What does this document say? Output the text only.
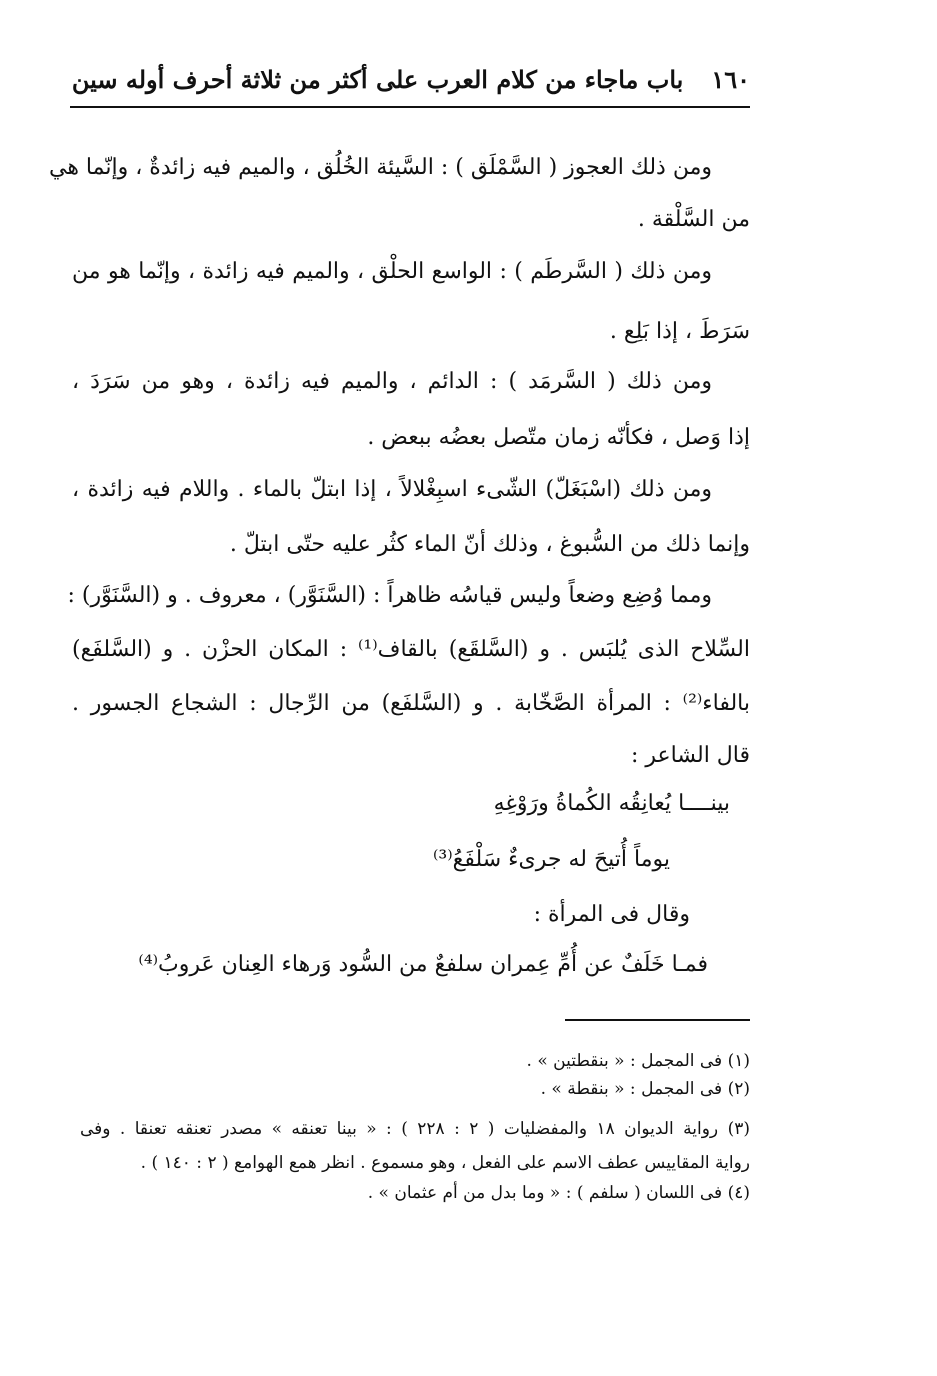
١٦٠
باب ماجاء من كلام العرب على أكثر من ثلاثة أحرف أوله سين
ومن ذلك العجوز ( السَّمْلَق ) : السَّيئة الخُلُق ، والميم فيه زائدةٌ ، وإنّما هي
من السَّلْقة .
ومن ذلك ( السَّرطَم ) : الواسع الحلْق ، والميم فيه زائدة ، وإنّما هو من
سَرَطَ ، إذا بَلِع .
ومن ذلك ( السَّرمَد ) : الدائم ، والميم فيه زائدة ، وهو من سَرَدَ ،
إذا وَصل ، فكأنّه زمان متّصل بعضُه ببعض .
ومن ذلك (اسْبَغَلّ) الشّىء اسبِغْلالاً ، إذا ابتلّ بالماء . واللام فيه زائدة ،
وإنما ذلك من السُّبوغ ، وذلك أنّ الماء كثُر عليه حتّى ابتلّ .
ومما وُضِع وضعاً وليس قياسُه ظاهراً : (السَّنَوَّر) ، معروف . و (السَّنَوَّر) :
السِّلاح الذى يُلبَس . و (السَّلقَع) بالقاف⁽¹⁾ : المكان الحزْن . و (السَّلفَع)
بالفاء⁽²⁾ : المرأة الصَّخّابة . و (السَّلفَع) من الرِّجال : الشجاع الجسور .
قال الشاعر :
بينــــا يُعانِقُه الكُماةُ ورَوْغِهِ
يوماً أُتيحَ له جرىءٌ سَلْفَعُ⁽³⁾
وقال فى المرأة :
فمـا خَلَفٌ عن أُمِّ عِمران سلفعٌ من السُّود وَرهاء العِنان عَروبُ⁽⁴⁾
(١) فى المجمل : « بنقطتين » .
(٢) فى المجمل : « بنقطة » .
(٣) رواية الديوان ١٨ والمفضليات ( ٢ : ٢٢٨ ) : « بينا تعنقه » مصدر تعنقه تعنقا . وفى
رواية المقاييس عطف الاسم على الفعل ، وهو مسموع . انظر همع الهوامع ( ٢ : ١٤٠ ) .
(٤) فى اللسان ( سلفم ) : « وما بدل من أم عثمان » .
